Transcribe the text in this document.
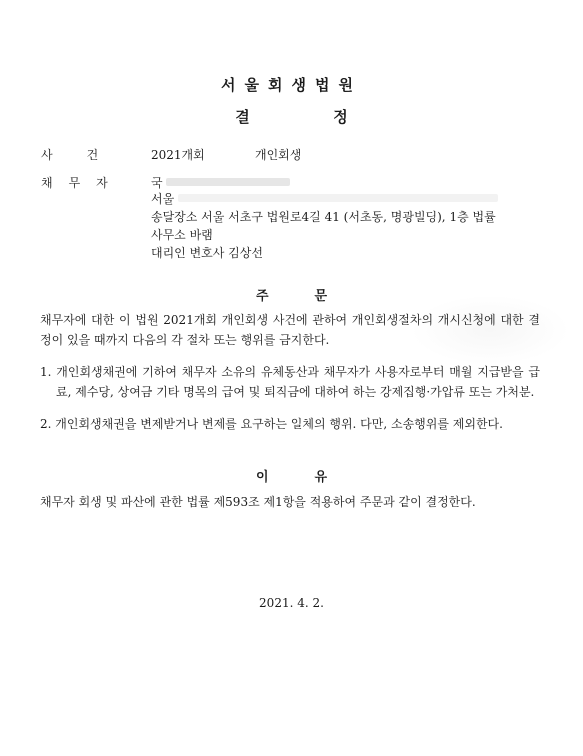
서울회생법원
결	정
사건 2021개회	개인회생
채무자 국
서울
송달장소 서울 서초구 법원로4길 41 (서초동, 명광빌딩), 1층 법률사무소 바램
대리인 변호사 김상선
주	문
채무자에 대한 이 법원 2021개회 개인회생 사건에 관하여 개인회생절차의 개시신청에 대한 결정이 있을 때까지 다음의 각 절차 또는 행위를 금지한다.
1. 개인회생채권에 기하여 채무자 소유의 유체동산과 채무자가 사용자로부터 매월 지급받을 급료, 제수당, 상여금 기타 명목의 급여 및 퇴직금에 대하여 하는 강제집행·가압류 또는 가처분.
2. 개인회생채권을 변제받거나 변제를 요구하는 일체의 행위. 다만, 소송행위를 제외한다.
이	유
채무자 회생 및 파산에 관한 법률 제593조 제1항을 적용하여 주문과 같이 결정한다.
2021. 4. 2.
